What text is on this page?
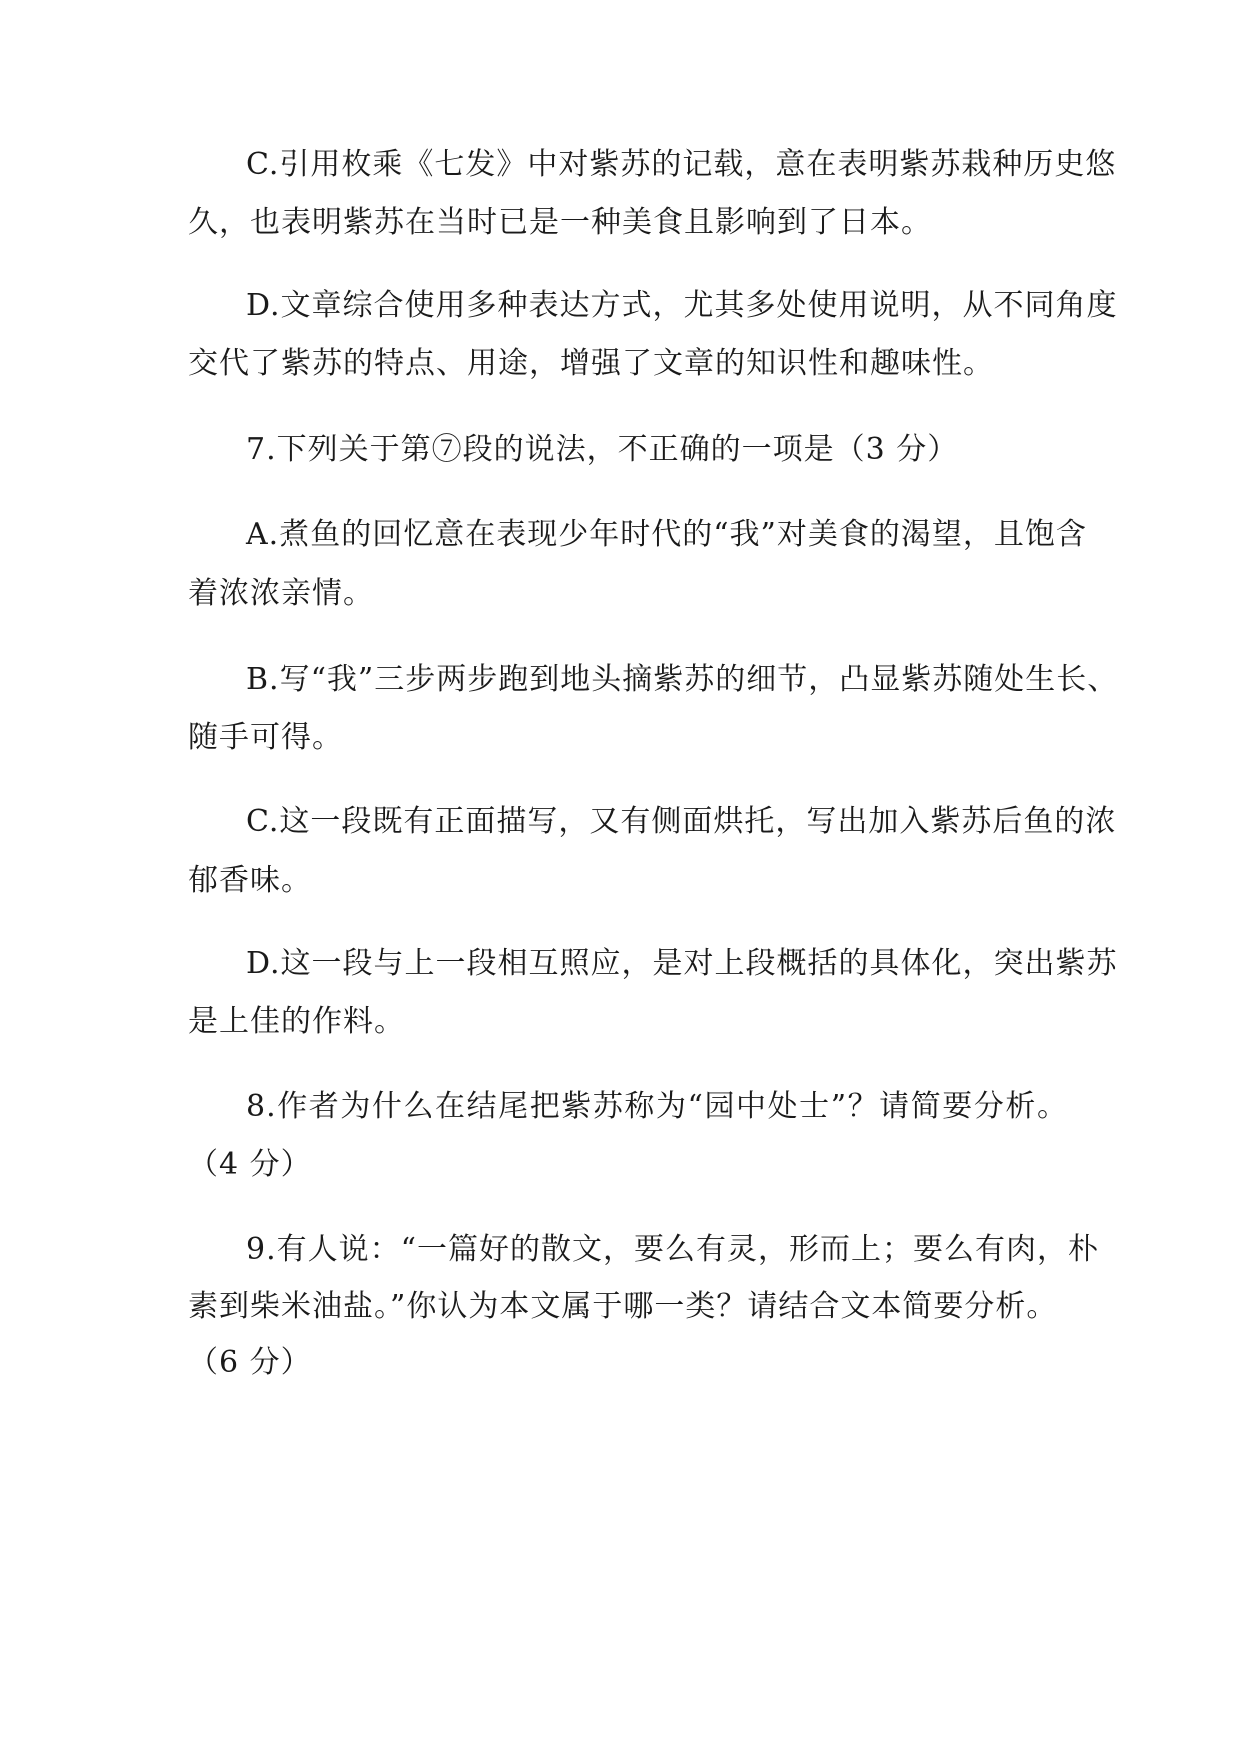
C.引用枚乘《七发》中对紫苏的记载，意在表明紫苏栽种历史悠
久，也表明紫苏在当时已是一种美食且影响到了日本。
D.文章综合使用多种表达方式，尤其多处使用说明，从不同角度
交代了紫苏的特点、用途，增强了文章的知识性和趣味性。
7.下列关于第⑦段的说法，不正确的一项是（3 分）
A.煮鱼的回忆意在表现少年时代的“我”对美食的渴望，且饱含
着浓浓亲情。
B.写“我”三步两步跑到地头摘紫苏的细节，凸显紫苏随处生长、
随手可得。
C.这一段既有正面描写，又有侧面烘托，写出加入紫苏后鱼的浓
郁香味。
D.这一段与上一段相互照应，是对上段概括的具体化，突出紫苏
是上佳的作料。
8.作者为什么在结尾把紫苏称为“园中处士”？请简要分析。
（4 分）
9.有人说：“一篇好的散文，要么有灵，形而上；要么有肉，朴
素到柴米油盐。”你认为本文属于哪一类？请结合文本简要分析。
（6 分）
